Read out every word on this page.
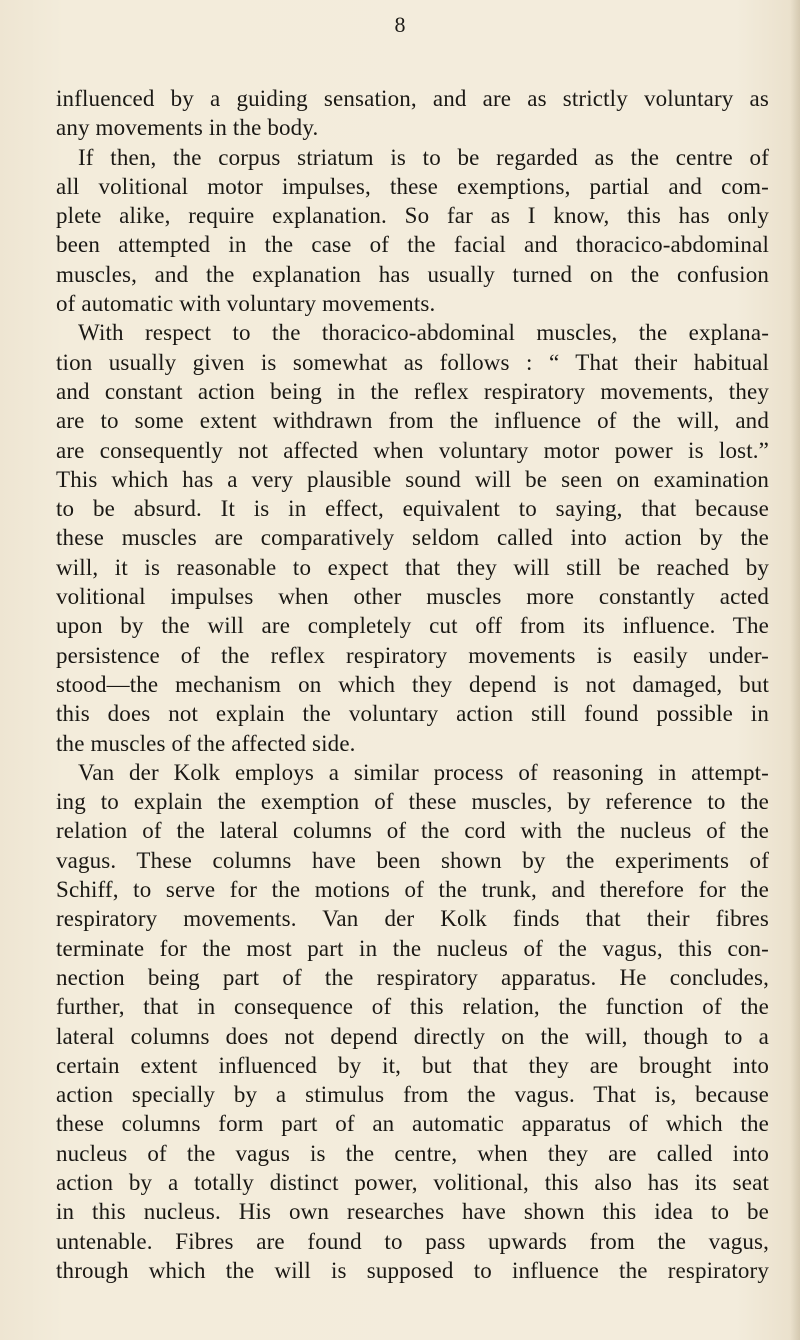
8
influenced by a guiding sensation, and are as strictly voluntary as
any movements in the body.
If then, the corpus striatum is to be regarded as the centre of
all volitional motor impulses, these exemptions, partial and com-
plete alike, require explanation. So far as I know, this has only
been attempted in the case of the facial and thoracico-abdominal
muscles, and the explanation has usually turned on the confusion
of automatic with voluntary movements.
With respect to the thoracico-abdominal muscles, the explana-
tion usually given is somewhat as follows : “ That their habitual
and constant action being in the reflex respiratory movements, they
are to some extent withdrawn from the influence of the will, and
are consequently not affected when voluntary motor power is lost.”
This which has a very plausible sound will be seen on examination
to be absurd. It is in effect, equivalent to saying, that because
these muscles are comparatively seldom called into action by the
will, it is reasonable to expect that they will still be reached by
volitional impulses when other muscles more constantly acted
upon by the will are completely cut off from its influence. The
persistence of the reflex respiratory movements is easily under-
stood—the mechanism on which they depend is not damaged, but
this does not explain the voluntary action still found possible in
the muscles of the affected side.
Van der Kolk employs a similar process of reasoning in attempt-
ing to explain the exemption of these muscles, by reference to the
relation of the lateral columns of the cord with the nucleus of the
vagus. These columns have been shown by the experiments of
Schiff, to serve for the motions of the trunk, and therefore for the
respiratory movements. Van der Kolk finds that their fibres
terminate for the most part in the nucleus of the vagus, this con-
nection being part of the respiratory apparatus. He concludes,
further, that in consequence of this relation, the function of the
lateral columns does not depend directly on the will, though to a
certain extent influenced by it, but that they are brought into
action specially by a stimulus from the vagus. That is, because
these columns form part of an automatic apparatus of which the
nucleus of the vagus is the centre, when they are called into
action by a totally distinct power, volitional, this also has its seat
in this nucleus. His own researches have shown this idea to be
untenable. Fibres are found to pass upwards from the vagus,
through which the will is supposed to influence the respiratory
